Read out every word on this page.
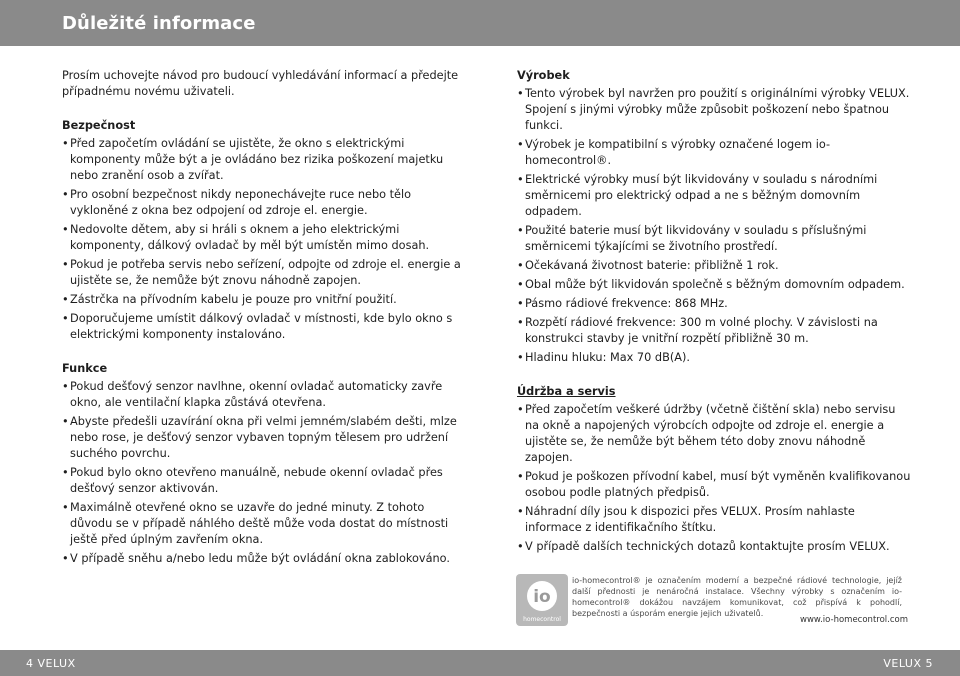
Důležité informace

Prosím uchovejte návod pro budoucí vyhledávání informací a předejte případnému novému uživateli.

Bezpečnost
• Před započetím ovládání se ujistěte, že okno s elektrickými komponenty může být a je ovládáno bez rizika poškození majetku nebo zranění osob a zvířat.
• Pro osobní bezpečnost nikdy neponechávejte ruce nebo tělo vykloněné z okna bez odpojení od zdroje el. energie.
• Nedovolte dětem, aby si hráli s oknem a jeho elektrickými komponenty, dálkový ovladač by měl být umístěn mimo dosah.
• Pokud je potřeba servis nebo seřízení, odpojte od zdroje el. energie a ujistěte se, že nemůže být znovu náhodně zapojen.
• Zástrčka na přívodním kabelu je pouze pro vnitřní použití.
• Doporučujeme umístit dálkový ovladač v místnosti, kde bylo okno s elektrickými komponenty instalováno.
Funkce
• Pokud dešťový senzor navlhne, okenní ovladač automaticky zavře okno, ale ventilační klapka zůstává otevřena.
• Abyste předešli uzavírání okna při velmi jemném/slabém dešti, mlze nebo rose, je dešťový senzor vybaven topným tělesem pro udržení suchého povrchu.
• Pokud bylo okno otevřeno manuálně, nebude okenní ovladač přes dešťový senzor aktivován.
• Maximálně otevřené okno se uzavře do jedné minuty. Z tohoto důvodu se v případě náhlého deště může voda dostat do místnosti ještě před úplným zavřením okna.
• V případě sněhu a/nebo ledu může být ovládání okna zablokováno.
Výrobek
• Tento výrobek byl navržen pro použití s originálními výrobky VELUX. Spojení s jinými výrobky může způsobit poškození nebo špatnou funkci.
• Výrobek je kompatibilní s výrobky označené logem io-homecontrol®.
• Elektrické výrobky musí být likvidovány v souladu s národními směrnicemi pro elektrický odpad a ne s běžným domovním odpadem.
• Použité baterie musí být likvidovány v souladu s příslušnými směrnicemi týkajícími se životního prostředí.
• Očekávaná životnost baterie: přibližně 1 rok.
• Obal může být likvidován společně s běžným domovním odpadem.
• Pásmo rádiové frekvence: 868 MHz.
• Rozpětí rádiové frekvence: 300 m volné plochy. V závislosti na konstrukci stavby je vnitřní rozpětí přibližně 30 m.
• Hladinu hluku: Max 70 dB(A).
Údržba a servis
• Před započetím veškeré údržby (včetně čištění skla) nebo servisu na okně a napojených výrobcích odpojte od zdroje el. energie a ujistěte se, že nemůže být během této doby znovu náhodně zapojen.
• Pokud je poškozen přívodní kabel, musí být vyměněn kvalifikovanou osobou podle platných předpisů.
• Náhradní díly jsou k dispozici přes VELUX. Prosím nahlaste informace z identifikačního štítku.
• V případě dalších technických dotazů kontaktujte prosím VELUX.
io
homecontrol
io-homecontrol® je označením moderní a bezpečné rádiové technologie, jejíž další přednosti je nenáročná instalace. Všechny výrobky s označením io-homecontrol® dokážou navzájem komunikovat, což přispívá k pohodlí, bezpečnosti a úsporám energie jejich uživatelů.
www.io-homecontrol.com
4 VELUX	VELUX 5
